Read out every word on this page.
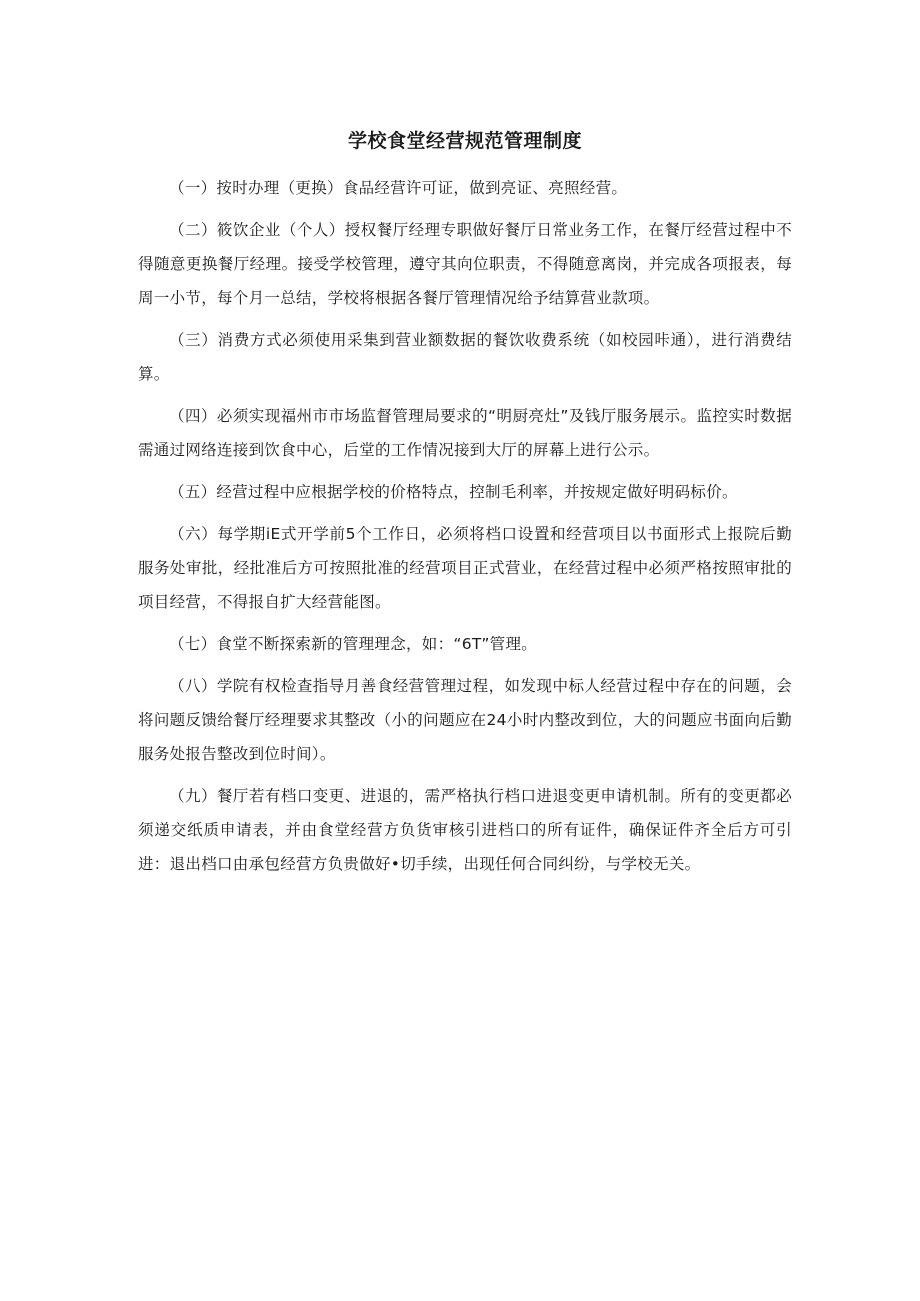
学校食堂经营规范管理制度

（一）按时办理（更换）食品经营许可证，做到亮证、亮照经营。

（二）筱饮企业（个人）授权餐厅经理专职做好餐厅日常业务工作，在餐厅经营过程中不得随意更换餐厅经理。接受学校管理，遵守其向位职责，不得随意离岗，并完成各项报表，每周一小节，每个月一总结，学校将根据各餐厅管理情况给予结算营业款项。

（三）消费方式必须使用采集到营业额数据的餐饮收费系统（如校园咔通），进行消费结算。

（四）必须实现福州市市场监督管理局要求的“明厨亮灶”及钱厅服务展示。监控实时数据需通过网络连接到饮食中心，后堂的工作情况接到大厅的屏幕上进行公示。

（五）经营过程中应根据学校的价格特点，控制毛利率，并按规定做好明码标价。

（六）每学期iE式开学前5个工作日，必须将档口设置和经营项目以书面形式上报院后勤服务处审批，经批准后方可按照批准的经营项目正式营业，在经营过程中必须严格按照审批的项目经营，不得报自扩大经营能图。

（七）食堂不断探索新的管理理念，如：“6T”管理。

（八）学院有权检查指导月善食经营管理过程，如发现中标人经营过程中存在的问题，会将问题反馈给餐厅经理要求其整改（小的问题应在24小时内整改到位，大的问题应书面向后勤服务处报告整改到位时间）。

（九）餐厅若有档口变更、进退的，需严格执行档口进退变更申请机制。所有的变更都必须递交纸质申请表，并由食堂经营方负货审核引进档口的所有证件，确保证件齐全后方可引进：退出档口由承包经营方负贵做好•切手续，出现任何合同纠纷，与学校无关。
